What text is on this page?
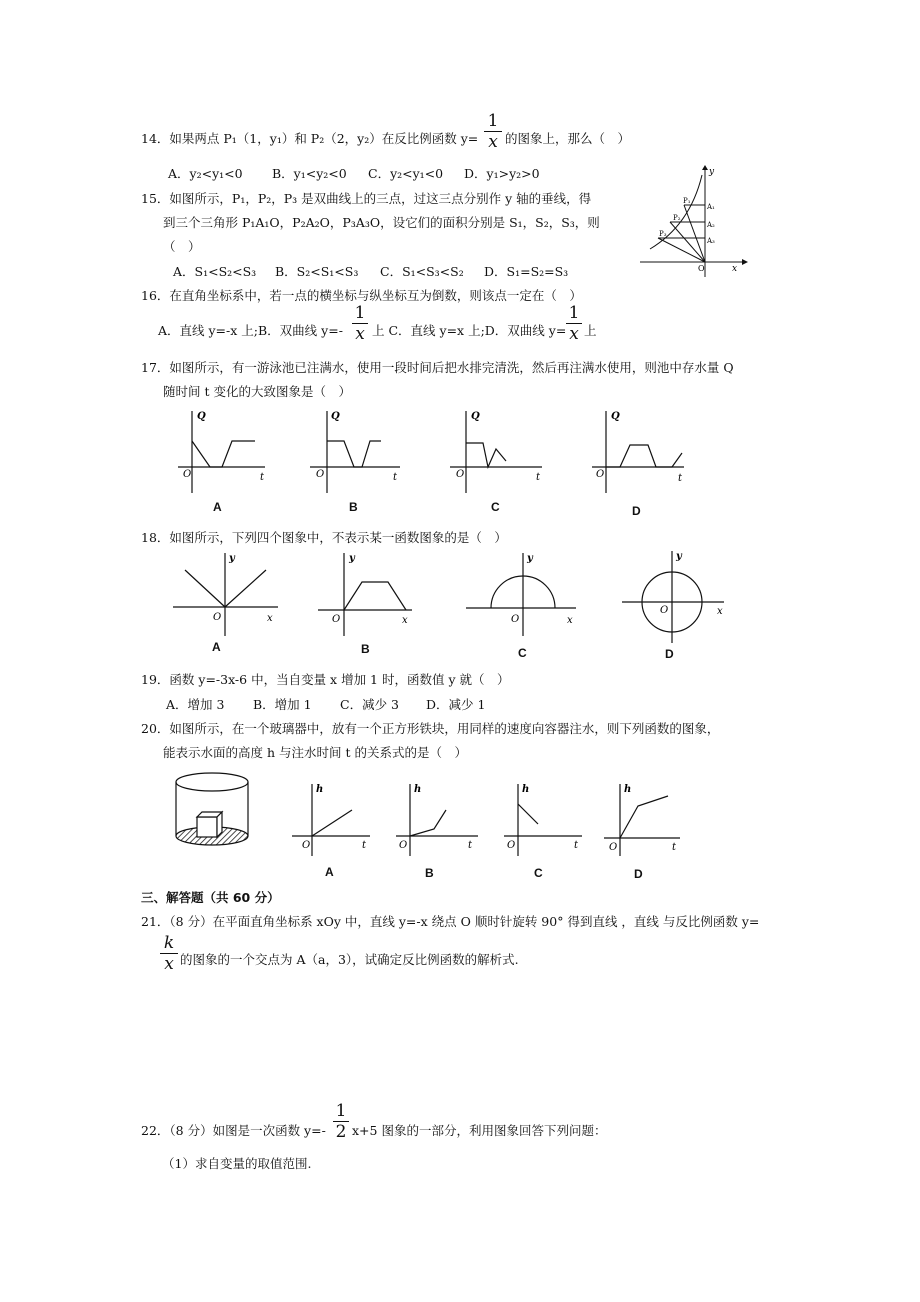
14．如果两点 P₁（1，y₁）和 P₂（2，y₂）在反比例函数 y=
1
x 的图象上，那么（　）
A．y₂<y₁<0 B．y₁<y₂<0 C．y₂<y₁<0 D．y₁>y₂>0
15．如图所示，P₁，P₂，P₃ 是双曲线上的三点，过这三点分别作 y 轴的垂线，得
到三个三角形 P₁A₁O，P₂A₂O，P₃A₃O，设它们的面积分别是 S₁，S₂，S₃，则
（　）
A．S₁<S₂<S₃ B．S₂<S₁<S₃ C．S₁<S₃<S₂ D．S₁=S₂=S₃
y
x
O
P₁
P₂
P₃
A₁
A₂
A₃
16．在直角坐标系中，若一点的横坐标与纵坐标互为倒数，则该点一定在（　）
A．直线 y=-x 上;B．双曲线 y=-
1
x 上 C．直线 y=x 上;D．双曲线 y=
1
x 上
17．如图所示，有一游泳池已注满水，使用一段时间后把水排完清洗，然后再注满水使用，则池中存水量 Q
随时间 t 变化的大致图象是（　）
Q
t
O
Q
t
O
Q
t
O
Q
t
O
A	B	C	D
18．如图所示，下列四个图象中，不表示某一函数图象的是（　）
y
x
O
y
x
O
y
x
O
y
x
O
A	B	C	D
19．函数 y=-3x-6 中，当自变量 x 增加 1 时，函数值 y 就（　）
A．增加 3 B．增加 1 C．减少 3 D．减少 1
20．如图所示，在一个玻璃器中，放有一个正方形铁块，用同样的速度向容器注水，则下列函数的图象，
能表示水面的高度 h 与注水时间 t 的关系式的是（　）
h
t
O
h
t
O
h
t
O
h
t
O
A	B	C	D
三、解答题（共 60 分）
21．（8 分）在平面直角坐标系 xOy 中，直线 y=-x 绕点 O 顺时针旋转 90° 得到直线 ，直线 与反比例函数 y=
k
x 的图象的一个交点为 A（a，3），试确定反比例函数的解析式.
22．（8 分）如图是一次函数 y=-
1
2 x+5 图象的一部分，利用图象回答下列问题：
（1）求自变量的取值范围.
